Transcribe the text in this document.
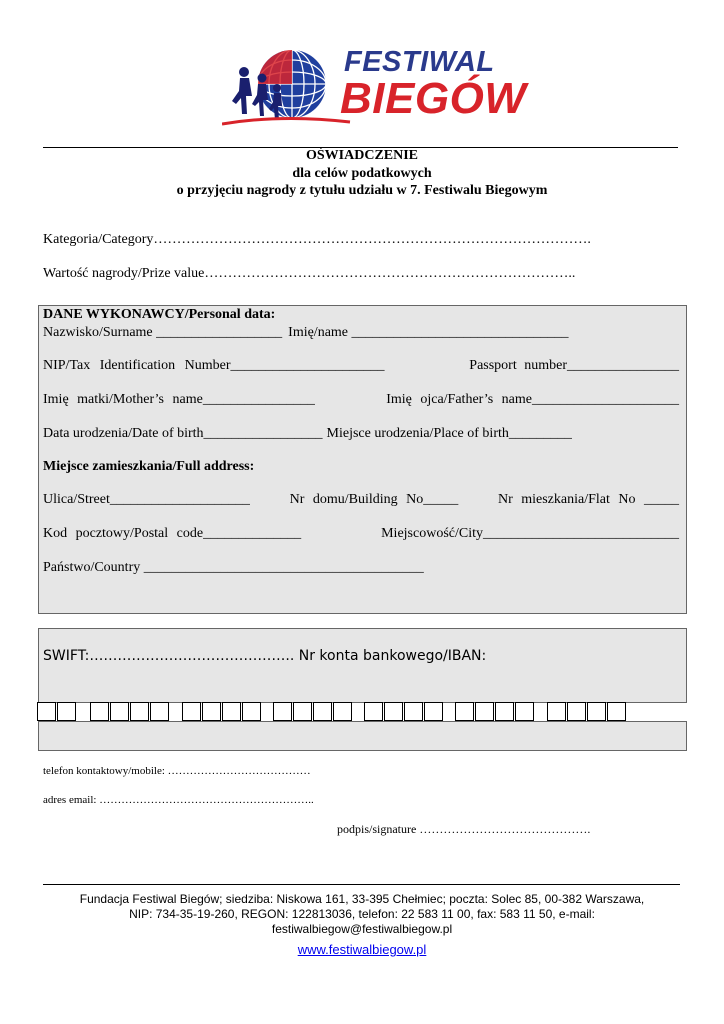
FESTIWAL
BIEGÓW
OŚWIADCZENIE
dla celów podatkowych
o przyjęciu nagrody z tytułu udziału w 7. Festiwalu Biegowym
Kategoria/Category………………………………………………………………………………….
Wartość nagrody/Prize value……………………………………………………………………..
DANE WYKONAWCY/Personal data:
Nazwisko/Surname __________________ Imię/name _______________________________
NIP/Tax Identification Number______________________	Passport number________________
Imię matki/Mother’s name________________	Imię ojca/Father’s name_____________________
Data urodzenia/Date of birth_________________ Miejsce urodzenia/Place of birth_________
Miejsce zamieszkania/Full address:
Ulica/Street____________________	Nr domu/Building No_____	Nr mieszkania/Flat No _____
Kod pocztowy/Postal code______________	Miejscowość/City____________________________
Państwo/Country ________________________________________
SWIFT:…………………………………….. Nr konta bankowego/IBAN:
telefon kontaktowy/mobile: …………………………………
adres email: …………………………………………………..
podpis/signature …………………………………….
Fundacja Festiwal Biegów; siedziba: Niskowa 161, 33-395 Chełmiec; poczta: Solec 85, 00-382 Warszawa,
NIP: 734-35-19-260, REGON: 122813036, telefon: 22 583 11 00, fax: 583 11 50, e-mail:
festiwalbiegow@festiwalbiegow.pl
www.festiwalbiegow.pl
